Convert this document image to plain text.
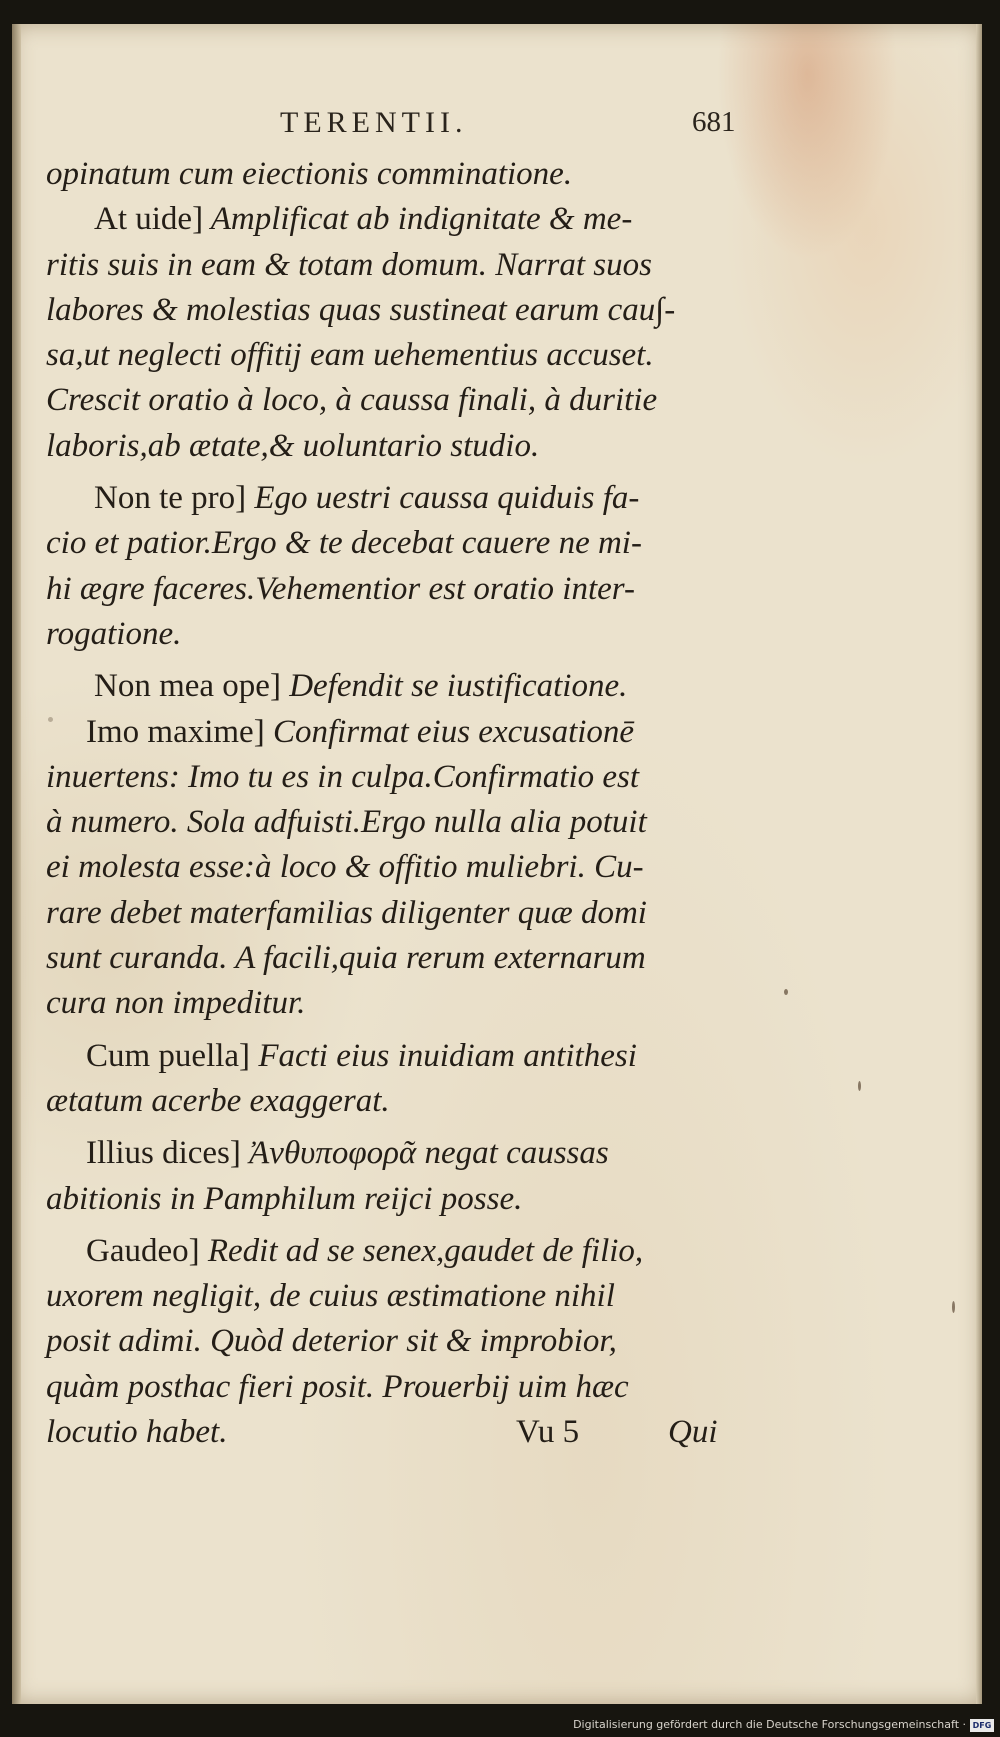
TERENTII.	681
opinatum cum eiectionis comminatione.
At uide] Amplificat ab indignitate & me-
ritis suis in eam & totam domum. Narrat suos
labores & molestias quas sustineat earum cau∫-
sa,ut neglecti offitij eam uehementius accuset.
Crescit oratio à loco, à caussa finali, à duritie
laboris,ab ætate,& uoluntario studio.
Non te pro] Ego uestri caussa quiduis fa-
cio et patior.Ergo & te decebat cauere ne mi-
hi ægre faceres.Vehementior est oratio inter-
rogatione.
Non mea ope] Defendit se iustificatione.
Imo maxime] Confirmat eius excusationē
inuertens: Imo tu es in culpa.Confirmatio est
à numero. Sola adfuisti.Ergo nulla alia potuit
ei molesta esse:à loco & offitio muliebri. Cu-
rare debet materfamilias diligenter quæ domi
sunt curanda. A facili,quia rerum externarum
cura non impeditur.
Cum puella] Facti eius inuidiam antithesi
ætatum acerbe exaggerat.
Illius dices] Ἀνθυποφορᾶ negat caussas
abitionis in Pamphilum reijci posse.
Gaudeo] Redit ad se senex,gaudet de filio,
uxorem negligit, de cuius æstimatione nihil
posit adimi. Quòd deterior sit & improbior,
quàm posthac fieri posit. Prouerbij uim hæc
locutio habet.	Vu 5	Qui
Digitalisierung gefördert durch die Deutsche Forschungsgemeinschaft · DFG
